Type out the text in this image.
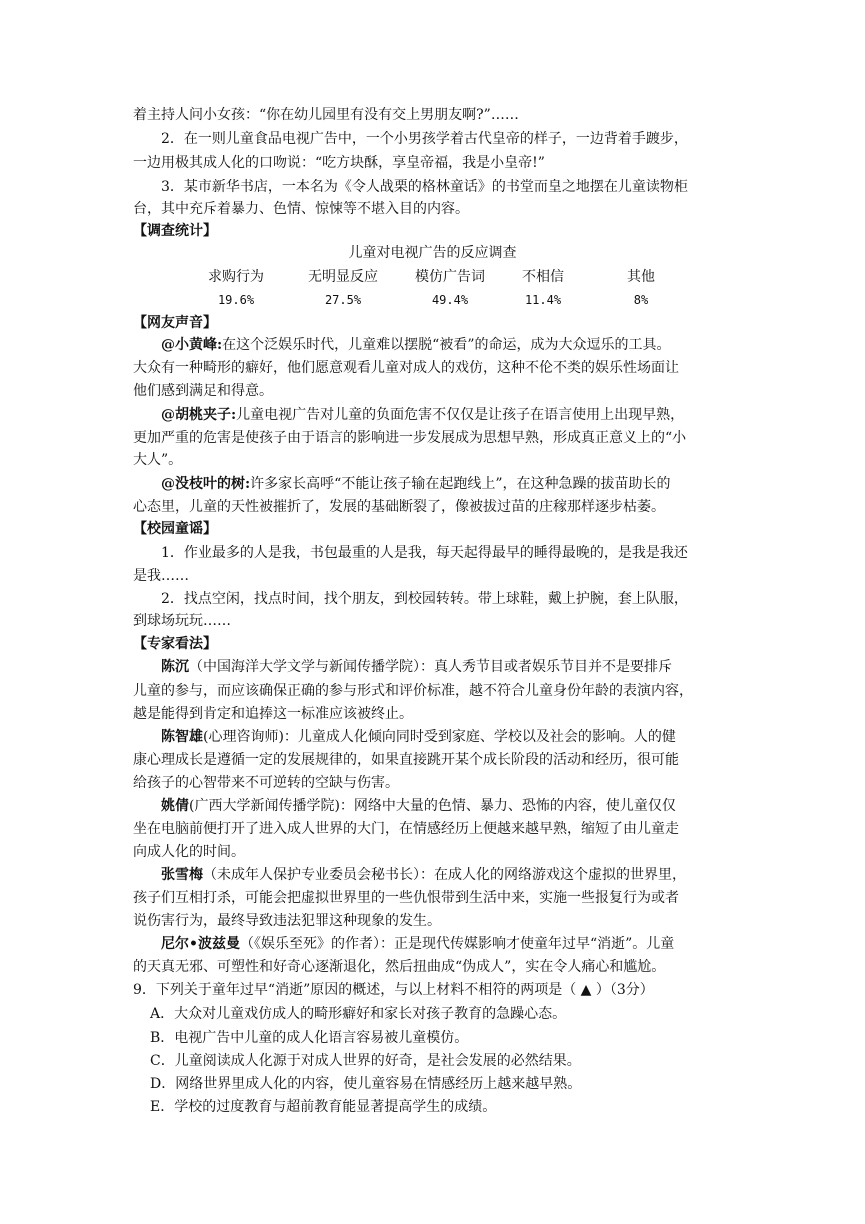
着主持人问小女孩：“你在幼儿园里有没有交上男朋友啊?”……
2．在一则儿童食品电视广告中，一个小男孩学着古代皇帝的样子，一边背着手踱步，
一边用极其成人化的口吻说：“吃方块酥，享皇帝福，我是小皇帝!”
3．某市新华书店，一本名为《令人战栗的格林童话》的书堂而皇之地摆在儿童读物柜
台，其中充斥着暴力、色情、惊悚等不堪入目的内容。
【调查统计】
儿童对电视广告的反应调查
求购行为	无明显反应	模仿广告词	不相信	其他
19.6%	27.5%	49.4%	11.4%	8%
【网友声音】
@小黄峰:在这个泛娱乐时代，儿童难以摆脱“被看”的命运，成为大众逗乐的工具。
大众有一种畸形的癖好，他们愿意观看儿童对成人的戏仿，这种不伦不类的娱乐性场面让
他们感到满足和得意。
@胡桃夹子:儿童电视广告对儿童的负面危害不仅仅是让孩子在语言使用上出现早熟，
更加严重的危害是使孩子由于语言的影响进一步发展成为思想早熟，形成真正意义上的“小
大人”。
@没枝叶的树:许多家长高呼“不能让孩子输在起跑线上”，在这种急躁的拔苗助长的
心态里，儿童的天性被摧折了，发展的基础断裂了，像被拔过苗的庄稼那样逐步枯萎。
【校园童谣】
1．作业最多的人是我，书包最重的人是我，每天起得最早的睡得最晚的，是我是我还
是我……
2．找点空闲，找点时间，找个朋友，到校园转转。带上球鞋，戴上护腕，套上队服，
到球场玩玩……
【专家看法】
陈沉（中国海洋大学文学与新闻传播学院）：真人秀节目或者娱乐节目并不是要排斥
儿童的参与，而应该确保正确的参与形式和评价标准，越不符合儿童身份年龄的表演内容，
越是能得到肯定和追捧这一标准应该被终止。
陈智雄(心理咨询师)：儿童成人化倾向同时受到家庭、学校以及社会的影响。人的健
康心理成长是遵循一定的发展规律的，如果直接跳开某个成长阶段的活动和经历，很可能
给孩子的心智带来不可逆转的空缺与伤害。
姚倩(广西大学新闻传播学院)：网络中大量的色情、暴力、恐怖的内容，使儿童仅仅
坐在电脑前便打开了进入成人世界的大门，在情感经历上便越来越早熟，缩短了由儿童走
向成人化的时间。
张雪梅（未成年人保护专业委员会秘书长）：在成人化的网络游戏这个虚拟的世界里，
孩子们互相打杀，可能会把虚拟世界里的一些仇恨带到生活中来，实施一些报复行为或者
说伤害行为，最终导致违法犯罪这种现象的发生。
尼尔•波兹曼（《娱乐至死》的作者）：正是现代传媒影响才使童年过早“消逝”。儿童
的天真无邪、可塑性和好奇心逐渐退化，然后扭曲成“伪成人”，实在令人痛心和尴尬。
9．下列关于童年过早“消逝”原因的概述，与以上材料不相符的两项是（ ▲ ）（3分）
A．大众对儿童戏仿成人的畸形癖好和家长对孩子教育的急躁心态。
B．电视广告中儿童的成人化语言容易被儿童模仿。
C．儿童阅读成人化源于对成人世界的好奇，是社会发展的必然结果。
D．网络世界里成人化的内容，使儿童容易在情感经历上越来越早熟。
E．学校的过度教育与超前教育能显著提高学生的成绩。
